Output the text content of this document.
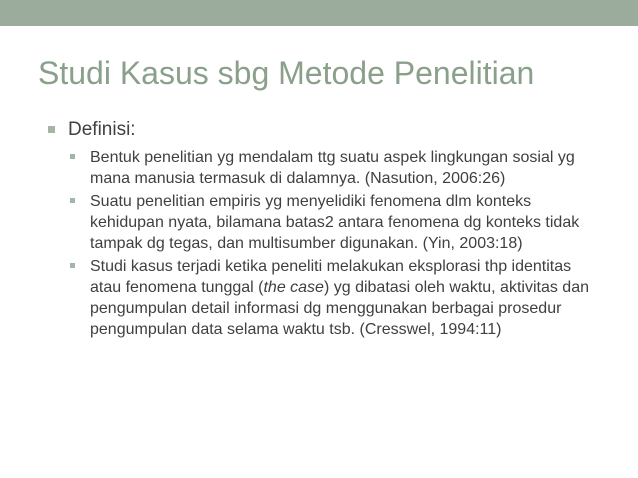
Studi Kasus sbg Metode Penelitian
Definisi:
Bentuk penelitian yg mendalam ttg suatu aspek lingkungan sosial yg mana manusia termasuk di dalamnya. (Nasution, 2006:26)
Suatu penelitian empiris yg menyelidiki fenomena dlm konteks kehidupan nyata, bilamana batas2 antara fenomena dg konteks tidak tampak dg tegas, dan multisumber digunakan. (Yin, 2003:18)
Studi kasus terjadi ketika peneliti melakukan eksplorasi thp identitas atau fenomena tunggal (the case) yg dibatasi oleh waktu, aktivitas dan pengumpulan detail informasi dg menggunakan berbagai prosedur pengumpulan data selama waktu tsb. (Cresswel, 1994:11)
